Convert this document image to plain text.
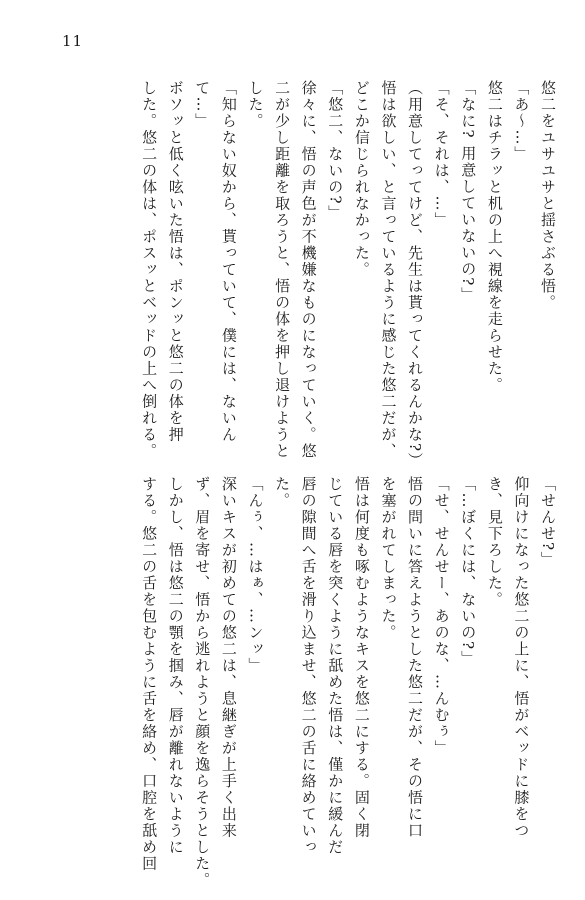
11
悠二をユサユサと揺さぶる悟。
「あ〜…」
悠二はチラッと机の上へ視線を走らせた。
「なに? 用意していないの?」
「そ、それは、…」
（用意してってけど、先生は貰ってくれるんかな?）
悟は欲しい、と言っているように感じた悠二だが、
どこか信じられなかった。
「悠二、ないの?」
徐々に、悟の声色が不機嫌なものになっていく。悠
二が少し距離を取ろうと、悟の体を押し退けようと
した。
「知らない奴から、貰っていて、僕には、ないん
て…」
ボソッと低く呟いた悟は、ポンッと悠二の体を押
した。悠二の体は、ポスッとベッドの上へ倒れる。
「せんせ?」
仰向けになった悠二の上に、悟がベッドに膝をつ
き、見下ろした。
「…ぼくには、ないの?」
「せ、せんせー、あのな、…んむぅ」
悟の問いに答えようとした悠二だが、その悟に口
を塞がれてしまった。
悟は何度も啄むようなキスを悠二にする。固く閉
じている唇を突くように舐めた悟は、僅かに緩んだ
唇の隙間へ舌を滑り込ませ、悠二の舌に絡めていっ
た。
「んぅ、…はぁ、…ンッ」
深いキスが初めての悠二は、息継ぎが上手く出来
ず、眉を寄せ、悟から逃れようと顔を逸らそうとした。
しかし、悟は悠二の顎を掴み、唇が離れないように
する。悠二の舌を包むように舌を絡め、口腔を舐め回
